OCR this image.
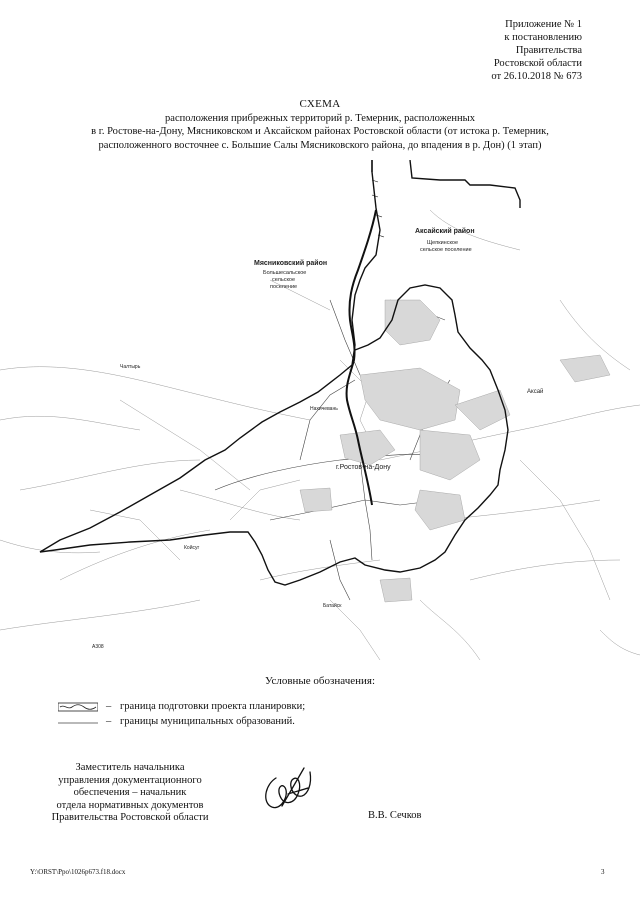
Приложение № 1
к постановлению
Правительства
Ростовской области
от 26.10.2018 № 673
СХЕМА
расположения прибрежных территорий р. Темерник, расположенных
в г. Ростове-на-Дону, Мясниковском и Аксайском районах Ростовской области (от истока р. Темерник,
расположенного восточнее с. Большие Салы Мясниковского района, до впадения в р. Дон) (1 этап)
Аксайский район
Щепкинское
сельское поселение
Мясниковский район
Большесальское
сельское
поселение
г.Ростов-на-Дону
Аксай
А308
Чалтырь
Койсуг
Нахичевань
Батайск
Условные обозначения:
– граница подготовки проекта планировки;
– границы муниципальных образований.
Заместитель начальника
управления документационного
обеспечения – начальник
отдела нормативных документов
Правительства Ростовской области	В.В. Сечков
Y:\ORST\Ppo\1026p673.f18.docx	3
